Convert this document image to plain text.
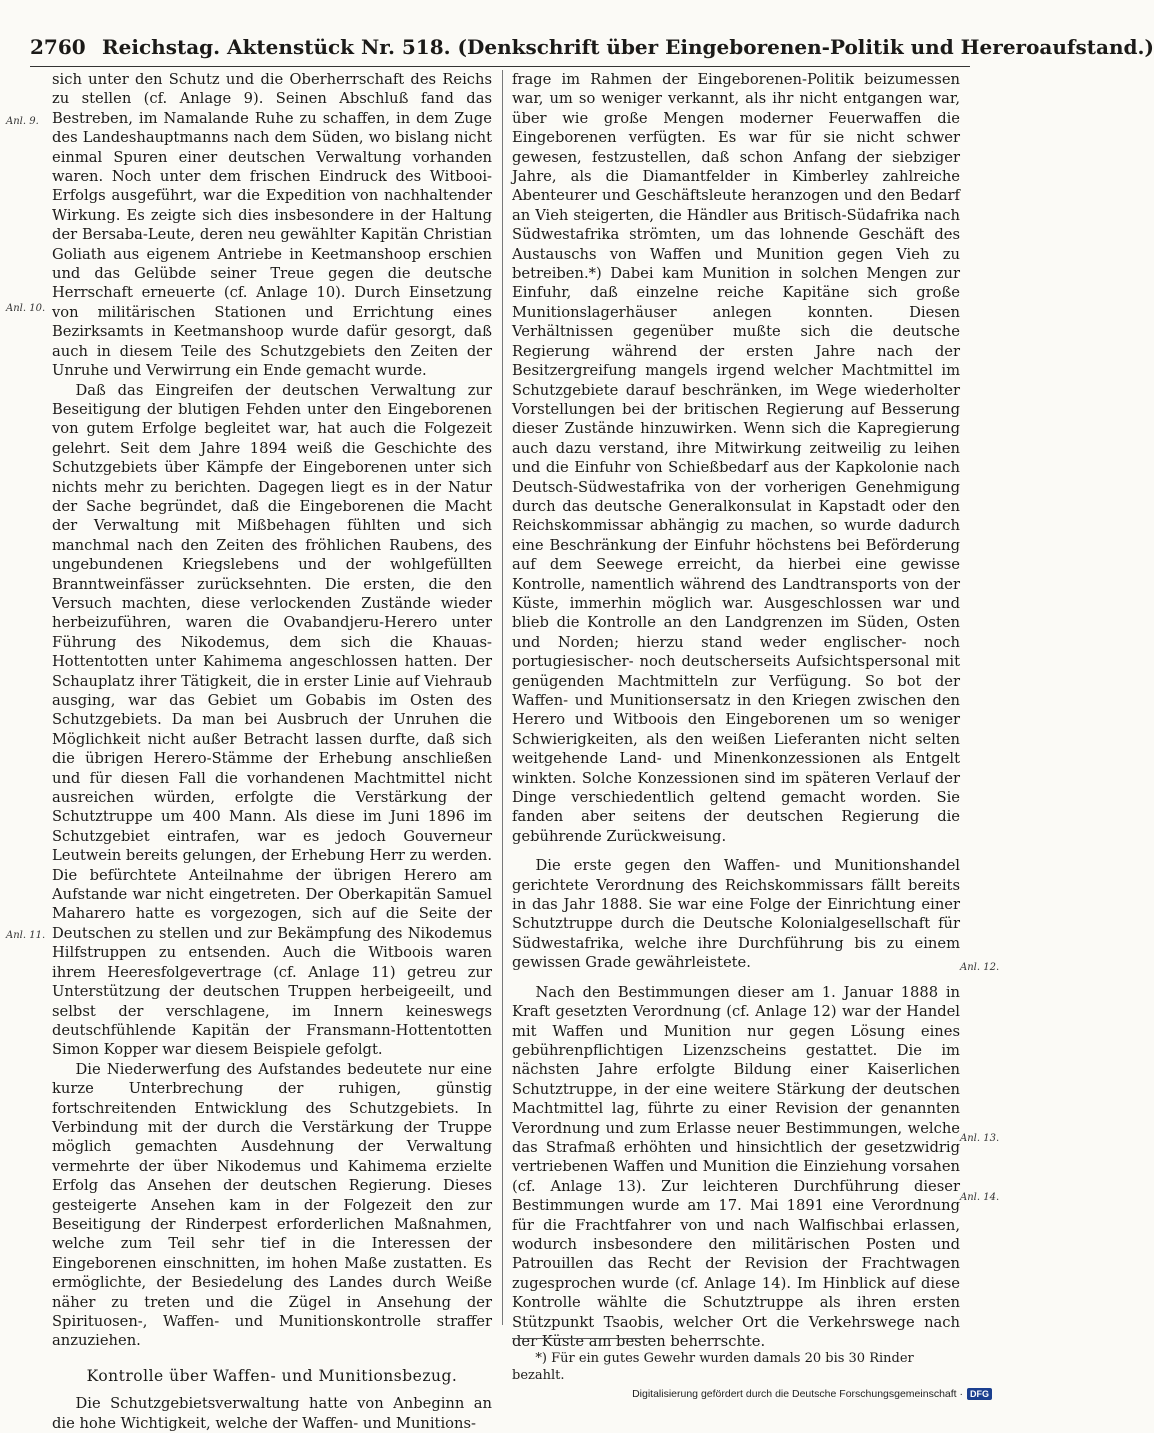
2760 Reichstag. Aktenstück Nr. 518. (Denkschrift über Eingeborenen-Politik und Hereroaufstand.)
Anl. 9.
Anl. 10.
Anl. 11.
Anl. 12.
Anl. 13.
Anl. 14.

sich unter den Schutz und die Oberherrschaft des Reichs zu stellen (cf. Anlage 9). Seinen Abschluß fand das Bestreben, im Namalande Ruhe zu schaffen, in dem Zuge des Landeshauptmanns nach dem Süden, wo bislang nicht einmal Spuren einer deutschen Verwaltung vorhanden waren. Noch unter dem frischen Eindruck des Witbooi-Erfolgs ausgeführt, war die Expedition von nachhaltender Wirkung. Es zeigte sich dies insbesondere in der Haltung der Bersaba-Leute, deren neu gewählter Kapitän Christian Goliath aus eigenem Antriebe in Keetmanshoop erschien und das Gelübde seiner Treue gegen die deutsche Herrschaft erneuerte (cf. Anlage 10). Durch Einsetzung von militärischen Stationen und Errichtung eines Bezirksamts in Keetmanshoop wurde dafür gesorgt, daß auch in diesem Teile des Schutzgebiets den Zeiten der Unruhe und Verwirrung ein Ende gemacht wurde.

Daß das Eingreifen der deutschen Verwaltung zur Beseitigung der blutigen Fehden unter den Eingeborenen von gutem Erfolge begleitet war, hat auch die Folgezeit gelehrt. Seit dem Jahre 1894 weiß die Geschichte des Schutzgebiets über Kämpfe der Eingeborenen unter sich nichts mehr zu berichten. Dagegen liegt es in der Natur der Sache begründet, daß die Eingeborenen die Macht der Verwaltung mit Mißbehagen fühlten und sich manchmal nach den Zeiten des fröhlichen Raubens, des ungebundenen Kriegslebens und der wohlgefüllten Branntweinfässer zurücksehnten. Die ersten, die den Versuch machten, diese verlockenden Zustände wieder herbeizuführen, waren die Ovabandjeru-Herero unter Führung des Nikodemus, dem sich die Khauas-Hottentotten unter Kahimema angeschlossen hatten. Der Schauplatz ihrer Tätigkeit, die in erster Linie auf Viehraub ausging, war das Gebiet um Gobabis im Osten des Schutzgebiets. Da man bei Ausbruch der Unruhen die Möglichkeit nicht außer Betracht lassen durfte, daß sich die übrigen Herero-Stämme der Erhebung anschließen und für diesen Fall die vorhandenen Machtmittel nicht ausreichen würden, erfolgte die Verstärkung der Schutztruppe um 400 Mann. Als diese im Juni 1896 im Schutzgebiet eintrafen, war es jedoch Gouverneur Leutwein bereits gelungen, der Erhebung Herr zu werden. Die befürchtete Anteilnahme der übrigen Herero am Aufstande war nicht eingetreten. Der Oberkapitän Samuel Maharero hatte es vorgezogen, sich auf die Seite der Deutschen zu stellen und zur Bekämpfung des Nikodemus Hilfstruppen zu entsenden. Auch die Witboois waren ihrem Heeresfolgevertrage (cf. Anlage 11) getreu zur Unterstützung der deutschen Truppen herbeigeeilt, und selbst der verschlagene, im Innern keineswegs deutschfühlende Kapitän der Fransmann-Hottentotten Simon Kopper war diesem Beispiele gefolgt.

Die Niederwerfung des Aufstandes bedeutete nur eine kurze Unterbrechung der ruhigen, günstig fortschreitenden Entwicklung des Schutzgebiets. In Verbindung mit der durch die Verstärkung der Truppe möglich gemachten Ausdehnung der Verwaltung vermehrte der über Nikodemus und Kahimema erzielte Erfolg das Ansehen der deutschen Regierung. Dieses gesteigerte Ansehen kam in der Folgezeit den zur Beseitigung der Rinderpest erforderlichen Maßnahmen, welche zum Teil sehr tief in die Interessen der Eingeborenen einschnitten, im hohen Maße zustatten. Es ermöglichte, der Besiedelung des Landes durch Weiße näher zu treten und die Zügel in Ansehung der Spirituosen-, Waffen- und Munitionskontrolle straffer anzuziehen.

Kontrolle über Waffen- und Munitionsbezug.

Die Schutzgebietsverwaltung hatte von Anbeginn an die hohe Wichtigkeit, welche der Waffen- und Munitions-

frage im Rahmen der Eingeborenen-Politik beizumessen war, um so weniger verkannt, als ihr nicht entgangen war, über wie große Mengen moderner Feuerwaffen die Eingeborenen verfügten. Es war für sie nicht schwer gewesen, festzustellen, daß schon Anfang der siebziger Jahre, als die Diamantfelder in Kimberley zahlreiche Abenteurer und Geschäftsleute heranzogen und den Bedarf an Vieh steigerten, die Händler aus Britisch-Südafrika nach Südwestafrika strömten, um das lohnende Geschäft des Austauschs von Waffen und Munition gegen Vieh zu betreiben.*) Dabei kam Munition in solchen Mengen zur Einfuhr, daß einzelne reiche Kapitäne sich große Munitionslagerhäuser anlegen konnten. Diesen Verhältnissen gegenüber mußte sich die deutsche Regierung während der ersten Jahre nach der Besitzergreifung mangels irgend welcher Machtmittel im Schutzgebiete darauf beschränken, im Wege wiederholter Vorstellungen bei der britischen Regierung auf Besserung dieser Zustände hinzuwirken. Wenn sich die Kapregierung auch dazu verstand, ihre Mitwirkung zeitweilig zu leihen und die Einfuhr von Schießbedarf aus der Kapkolonie nach Deutsch-Südwestafrika von der vorherigen Genehmigung durch das deutsche Generalkonsulat in Kapstadt oder den Reichskommissar abhängig zu machen, so wurde dadurch eine Beschränkung der Einfuhr höchstens bei Beförderung auf dem Seewege erreicht, da hierbei eine gewisse Kontrolle, namentlich während des Landtransports von der Küste, immerhin möglich war. Ausgeschlossen war und blieb die Kontrolle an den Landgrenzen im Süden, Osten und Norden; hierzu stand weder englischer- noch portugiesischer- noch deutscherseits Aufsichtspersonal mit genügenden Machtmitteln zur Verfügung. So bot der Waffen- und Munitionsersatz in den Kriegen zwischen den Herero und Witboois den Eingeborenen um so weniger Schwierigkeiten, als den weißen Lieferanten nicht selten weitgehende Land- und Minenkonzessionen als Entgelt winkten. Solche Konzessionen sind im späteren Verlauf der Dinge verschiedentlich geltend gemacht worden. Sie fanden aber seitens der deutschen Regierung die gebührende Zurückweisung.

Die erste gegen den Waffen- und Munitionshandel gerichtete Verordnung des Reichskommissars fällt bereits in das Jahr 1888. Sie war eine Folge der Einrichtung einer Schutztruppe durch die Deutsche Kolonialgesellschaft für Südwestafrika, welche ihre Durchführung bis zu einem gewissen Grade gewährleistete.

Nach den Bestimmungen dieser am 1. Januar 1888 in Kraft gesetzten Verordnung (cf. Anlage 12) war der Handel mit Waffen und Munition nur gegen Lösung eines gebührenpflichtigen Lizenzscheins gestattet. Die im nächsten Jahre erfolgte Bildung einer Kaiserlichen Schutztruppe, in der eine weitere Stärkung der deutschen Machtmittel lag, führte zu einer Revision der genannten Verordnung und zum Erlasse neuer Bestimmungen, welche das Strafmaß erhöhten und hinsichtlich der gesetzwidrig vertriebenen Waffen und Munition die Einziehung vorsahen (cf. Anlage 13). Zur leichteren Durchführung dieser Bestimmungen wurde am 17. Mai 1891 eine Verordnung für die Frachtfahrer von und nach Walfischbai erlassen, wodurch insbesondere den militärischen Posten und Patrouillen das Recht der Revision der Frachtwagen zugesprochen wurde (cf. Anlage 14). Im Hinblick auf diese Kontrolle wählte die Schutztruppe als ihren ersten Stützpunkt Tsaobis, welcher Ort die Verkehrswege nach der Küste am besten beherrschte.

*) Für ein gutes Gewehr wurden damals 20 bis 30 Rinder bezahlt.
Digitalisierung gefördert durch die Deutsche Forschungsgemeinschaft · DFG
